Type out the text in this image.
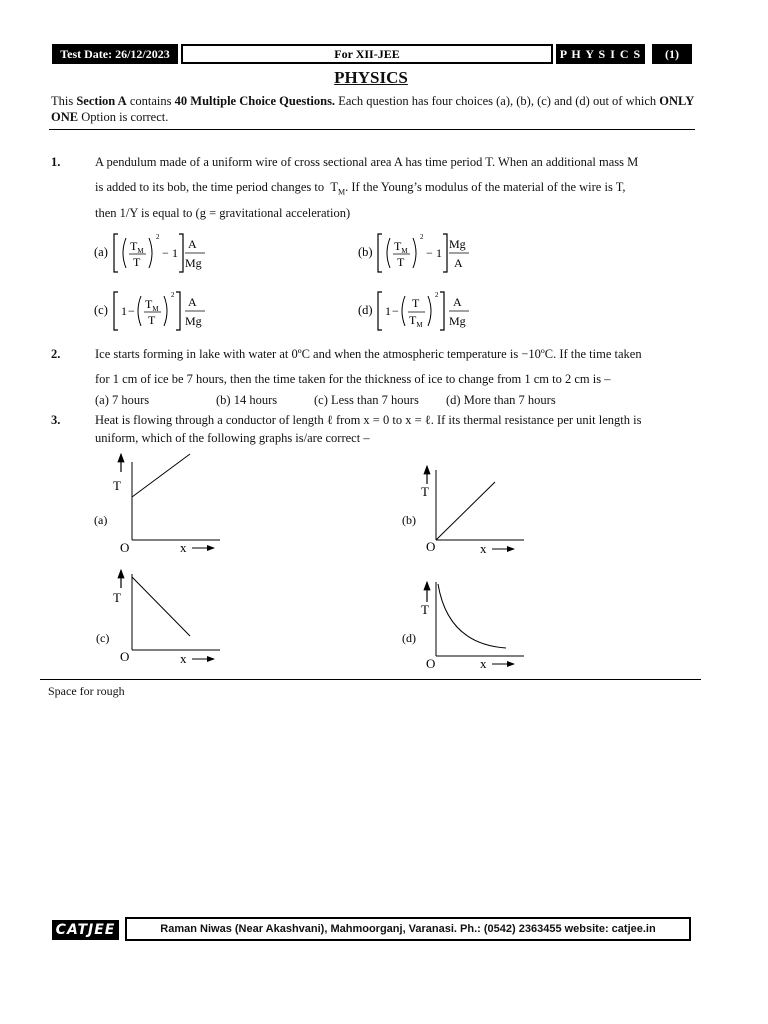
Test Date: 26/12/2023	For XII-JEE	P H Y S I C S	(1)
PHYSICS
This Section A contains 40 Multiple Choice Questions. Each question has four choices (a), (b), (c) and (d) out of which ONLY ONE Option is correct.
1.	A pendulum made of a uniform wire of cross sectional area A has time period T. When an additional mass M
is added to its bob, the time period changes to $T_M$. If the Young’s modulus of the material of the wire is T,
then 1/Y is equal to (g = gravitational acceleration)
(a) $T_M$
T
2
− 1
A
Mg
(b) $T_M$
T
2
− 1
Mg
A
(c) $1 - T_M$
T
2 A
Mg
(d) 1 −
T
$T_M$
2 A
Mg
2.	Ice starts forming in lake with water at 0ºC and when the atmospheric temperature is −10ºC. If the time taken
for 1 cm of ice be 7 hours, then the time taken for the thickness of ice to change from 1 cm to 2 cm is –
(a) 7 hours	(b) 14 hours	(c) Less than 7 hours (d) More than 7 hours
3.	Heat is flowing through a conductor of length ℓ from x = 0 to x = ℓ. If its thermal resistance per unit length is
uniform, which of the following graphs is/are correct –
T
(a)
O	x
T
(b)
O	x
T
(c)
O	x
T
(d)
O	x
Space for rough
CATJEE	Raman Niwas (Near Akashvani), Mahmoorganj, Varanasi. Ph.: (0542) 2363455 website: catjee.in
